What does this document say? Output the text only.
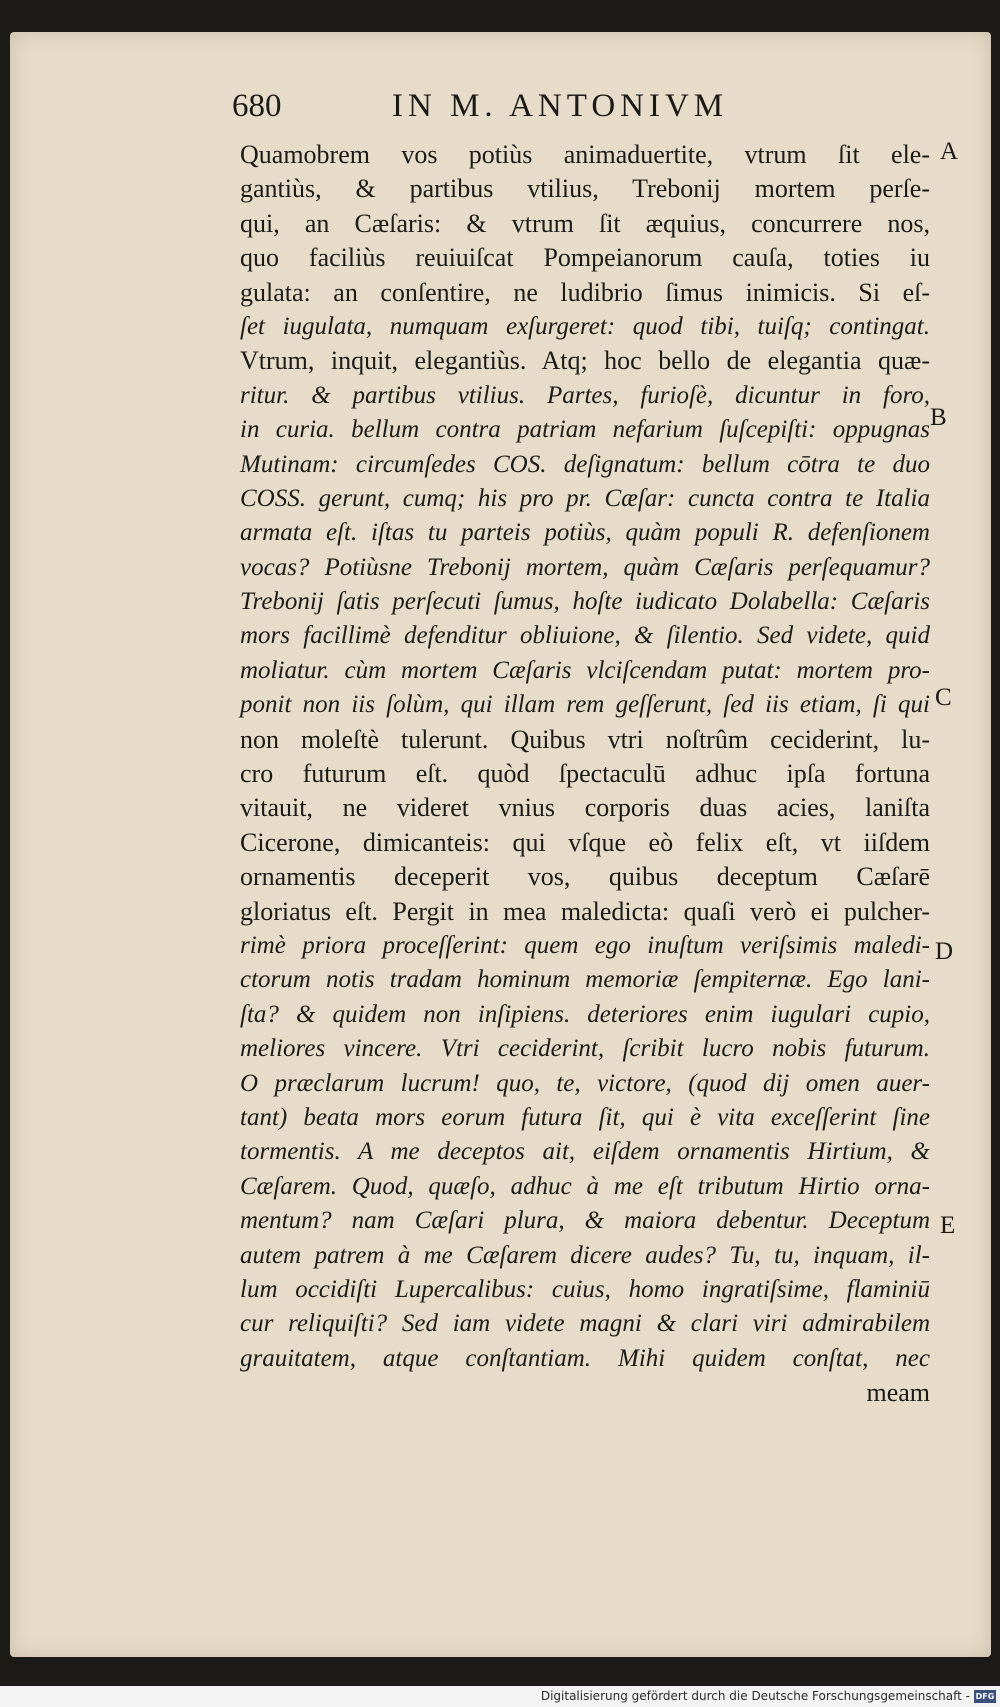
680	IN M. ANTONIVM
Quamobrem vos potiùs animaduertite, vtrum ſit ele-
gantiùs, & partibus vtilius, Trebonij mortem perſe-
qui, an Cæſaris: & vtrum ſit æquius, concurrere nos,
quo faciliùs reuiuiſcat Pompeianorum cauſa, toties iu
gulata: an conſentire, ne ludibrio ſimus inimicis. Si eſ-
ſet iugulata, numquam exſurgeret: quod tibi, tuiſq; contingat.
Vtrum, inquit, elegantiùs. Atq; hoc bello de elegantia quæ-
ritur. & partibus vtilius. Partes, furioſè, dicuntur in foro,
in curia. bellum contra patriam nefarium ſuſcepiſti: oppugnas
Mutinam: circumſedes COS. deſignatum: bellum cōtra te duo
COSS. gerunt, cumq; his pro pr. Cæſar: cuncta contra te Italia
armata eſt. iſtas tu parteis potiùs, quàm populi R. defenſionem
vocas? Potiùsne Trebonij mortem, quàm Cæſaris perſequamur?
Trebonij ſatis perſecuti ſumus, hoſte iudicato Dolabella: Cæſaris
mors facillimè defenditur obliuione, & ſilentio. Sed videte, quid
moliatur. cùm mortem Cæſaris vlciſcendam putat: mortem pro-
ponit non iis ſolùm, qui illam rem geſſerunt, ſed iis etiam, ſi qui
non moleſtè tulerunt. Quibus vtri noſtrûm ceciderint, lu-
cro futurum eſt. quòd ſpectaculū adhuc ipſa fortuna
vitauit, ne videret vnius corporis duas acies, laniſta
Cicerone, dimicanteis: qui vſque eò felix eſt, vt iiſdem
ornamentis deceperit vos, quibus deceptum Cæſarē
gloriatus eſt. Pergit in mea maledicta: quaſi verò ei pulcher-
rimè priora proceſſerint: quem ego inuſtum veriſsimis maledi-
ctorum notis tradam hominum memoriæ ſempiternæ. Ego lani-
ſta? & quidem non inſipiens. deteriores enim iugulari cupio,
meliores vincere. Vtri ceciderint, ſcribit lucro nobis futurum.
O præclarum lucrum! quo, te, victore, (quod dij omen auer-
tant) beata mors eorum futura ſit, qui è vita exceſſerint ſine
tormentis. A me deceptos ait, eiſdem ornamentis Hirtium, &
Cæſarem. Quod, quæſo, adhuc à me eſt tributum Hirtio orna-
mentum? nam Cæſari plura, & maiora debentur. Deceptum
autem patrem à me Cæſarem dicere audes? Tu, tu, inquam, il-
lum occidiſti Lupercalibus: cuius, homo ingratiſsime, flaminiū
cur reliquiſti? Sed iam videte magni & clari viri admirabilem
grauitatem, atque conſtantiam. Mihi quidem conſtat, nec
meam
A
B
C
D
E
Digitalisierung gefördert durch die Deutsche Forschungsgemeinschaft - DFG
